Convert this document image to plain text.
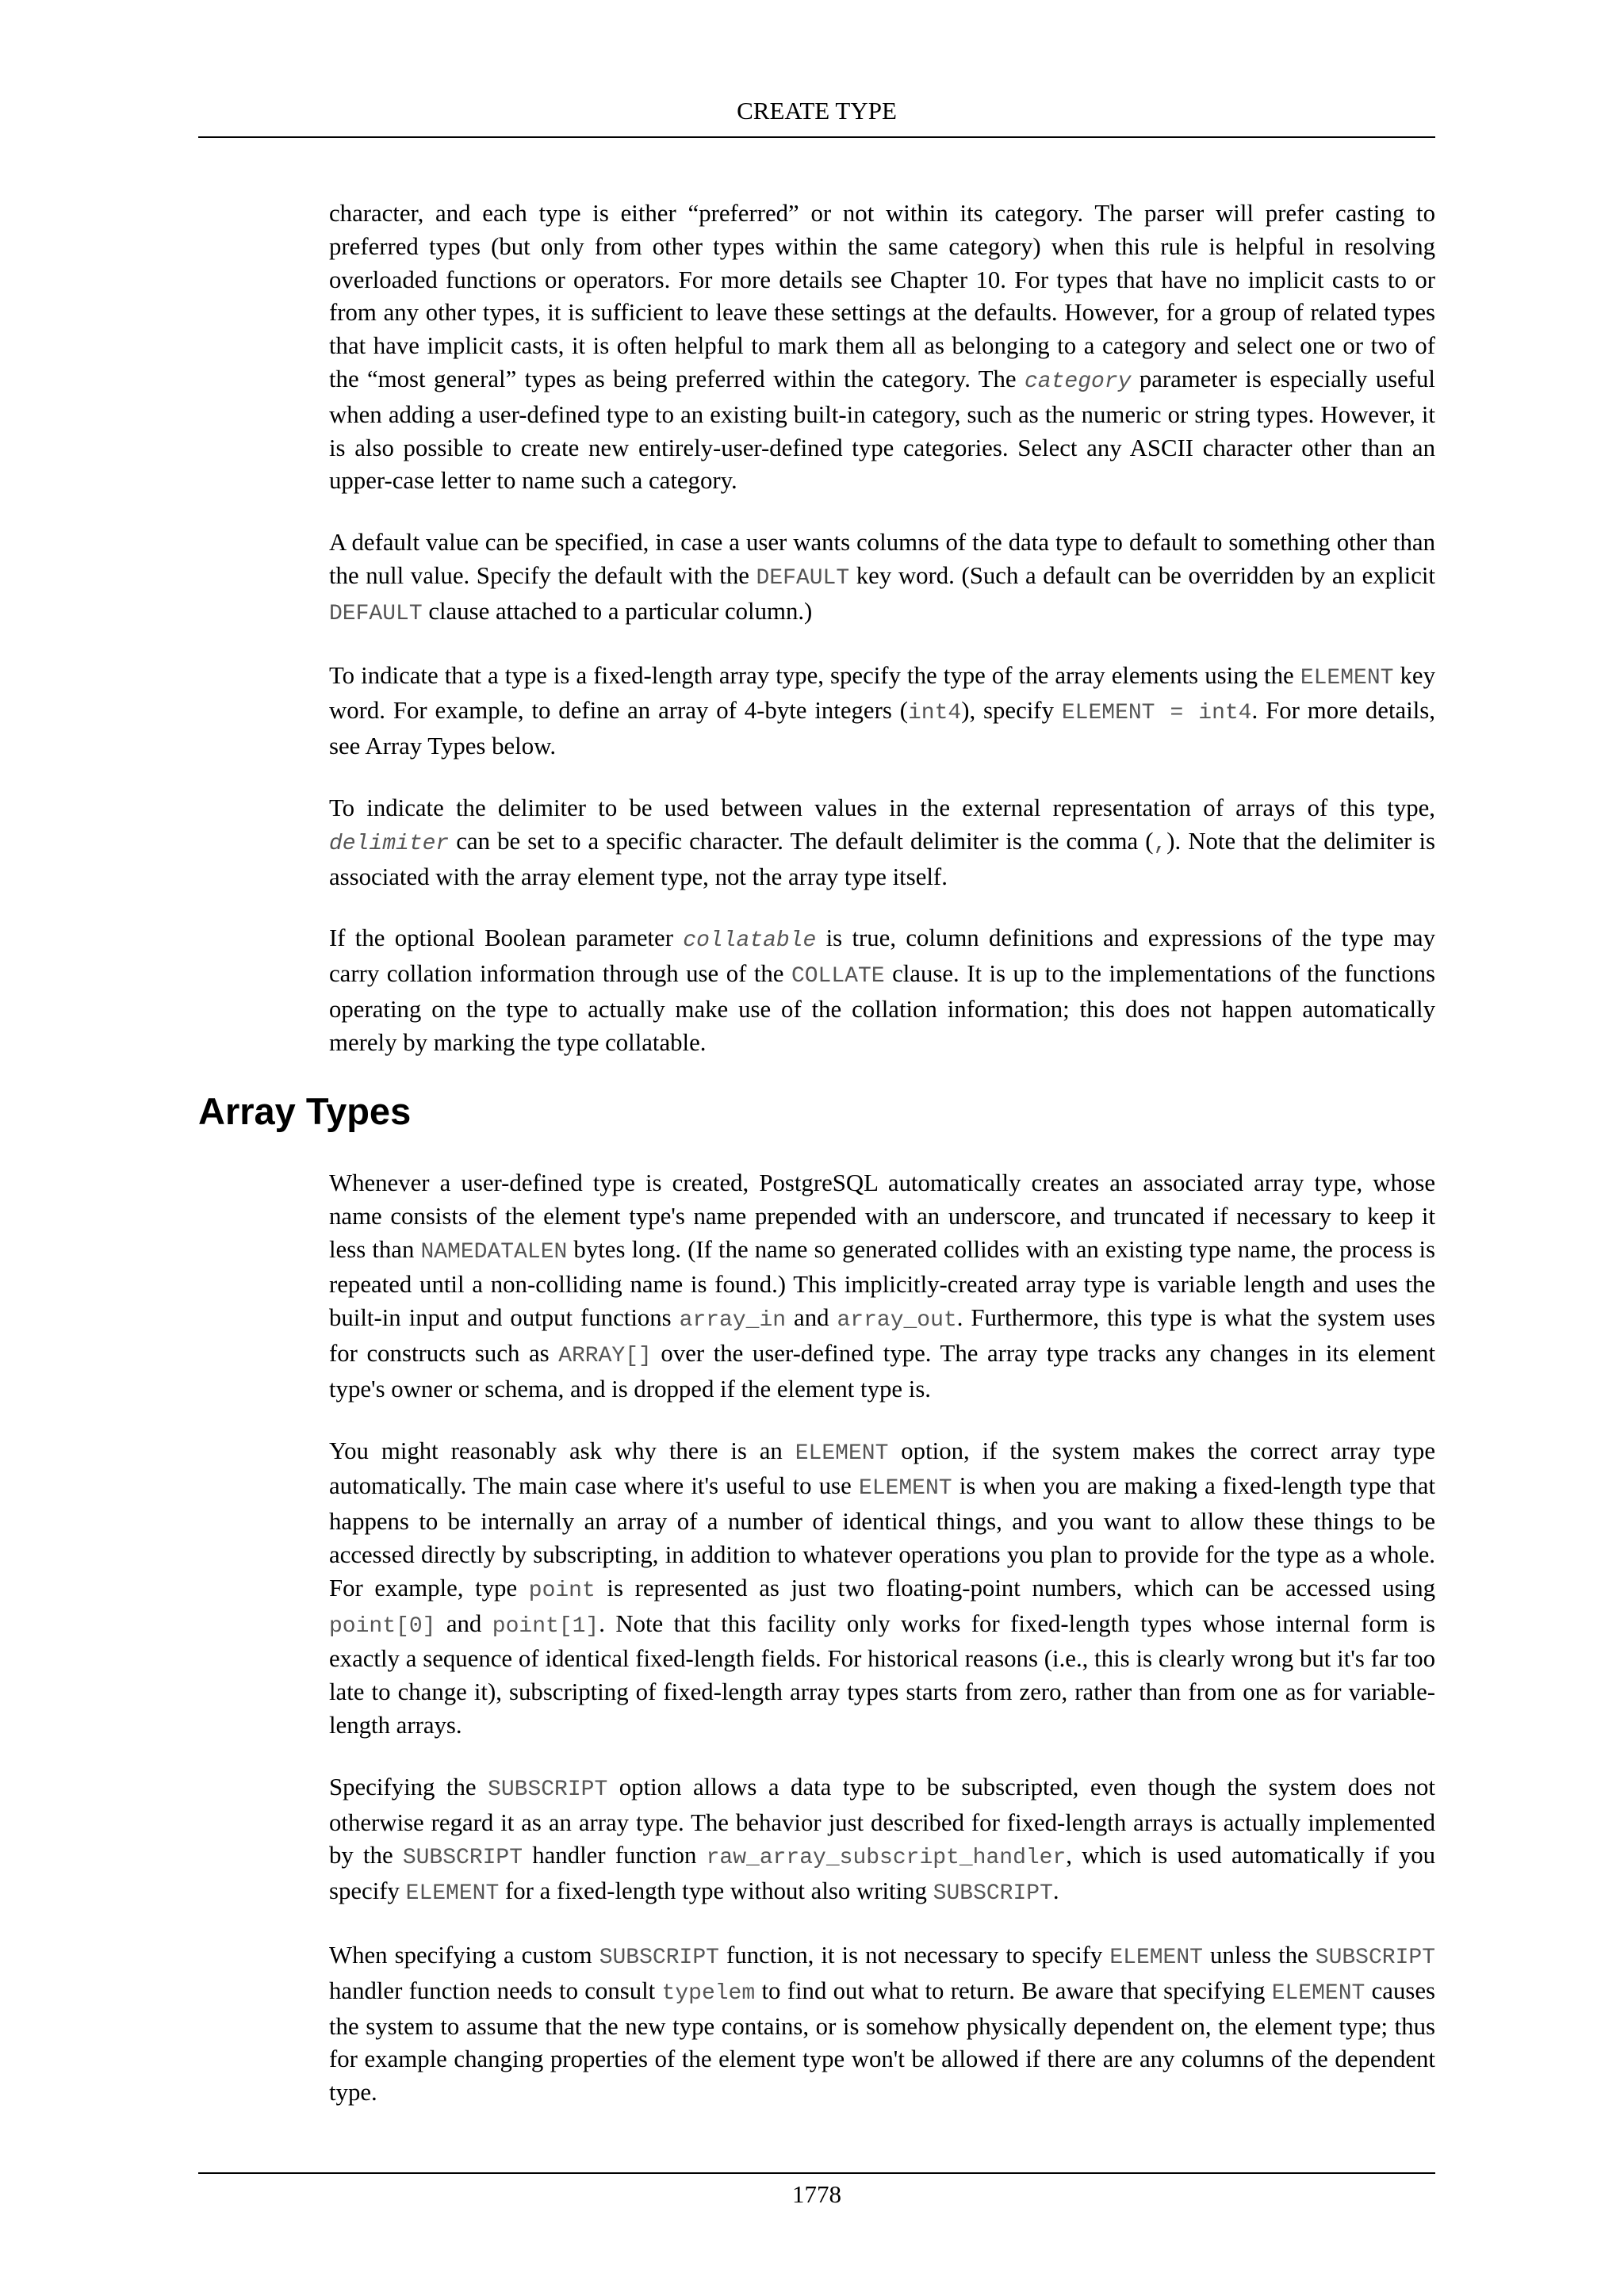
CREATE TYPE

character, and each type is either “preferred” or not within its category. The parser will prefer casting to preferred types (but only from other types within the same category) when this rule is helpful in resolving overloaded functions or operators. For more details see Chapter 10. For types that have no implicit casts to or from any other types, it is sufficient to leave these settings at the defaults. However, for a group of related types that have implicit casts, it is often helpful to mark them all as belonging to a category and select one or two of the “most general” types as being preferred within the category. The category parameter is especially useful when adding a user-defined type to an existing built-in category, such as the numeric or string types. However, it is also possible to create new entirely-user-defined type categories. Select any ASCII character other than an upper-case letter to name such a category.

A default value can be specified, in case a user wants columns of the data type to default to something other than the null value. Specify the default with the DEFAULT key word. (Such a default can be overridden by an explicit DEFAULT clause attached to a particular column.)

To indicate that a type is a fixed-length array type, specify the type of the array elements using the ELEMENT key word. For example, to define an array of 4-byte integers (int4), specify ELEMENT = int4. For more details, see Array Types below.

To indicate the delimiter to be used between values in the external representation of arrays of this type, delimiter can be set to a specific character. The default delimiter is the comma (,). Note that the delimiter is associated with the array element type, not the array type itself.

If the optional Boolean parameter collatable is true, column definitions and expressions of the type may carry collation information through use of the COLLATE clause. It is up to the implementations of the functions operating on the type to actually make use of the collation information; this does not happen automatically merely by marking the type collatable.

Array Types

Whenever a user-defined type is created, PostgreSQL automatically creates an associated array type, whose name consists of the element type's name prepended with an underscore, and truncated if necessary to keep it less than NAMEDATALEN bytes long. (If the name so generated collides with an existing type name, the process is repeated until a non-colliding name is found.) This implicitly-created array type is variable length and uses the built-in input and output functions array_in and array_out. Furthermore, this type is what the system uses for constructs such as ARRAY[] over the user-defined type. The array type tracks any changes in its element type's owner or schema, and is dropped if the element type is.

You might reasonably ask why there is an ELEMENT option, if the system makes the correct array type automatically. The main case where it's useful to use ELEMENT is when you are making a fixed-length type that happens to be internally an array of a number of identical things, and you want to allow these things to be accessed directly by subscripting, in addition to whatever operations you plan to provide for the type as a whole. For example, type point is represented as just two floating-point numbers, which can be accessed using point[0] and point[1]. Note that this facility only works for fixed-length types whose internal form is exactly a sequence of identical fixed-length fields. For historical reasons (i.e., this is clearly wrong but it's far too late to change it), subscripting of fixed-length array types starts from zero, rather than from one as for variable-length arrays.

Specifying the SUBSCRIPT option allows a data type to be subscripted, even though the system does not otherwise regard it as an array type. The behavior just described for fixed-length arrays is actually implemented by the SUBSCRIPT handler function raw_array_subscript_handler, which is used automatically if you specify ELEMENT for a fixed-length type without also writing SUBSCRIPT.

When specifying a custom SUBSCRIPT function, it is not necessary to specify ELEMENT unless the SUBSCRIPT handler function needs to consult typelem to find out what to return. Be aware that specifying ELEMENT causes the system to assume that the new type contains, or is somehow physically dependent on, the element type; thus for example changing properties of the element type won't be allowed if there are any columns of the dependent type.

1778
